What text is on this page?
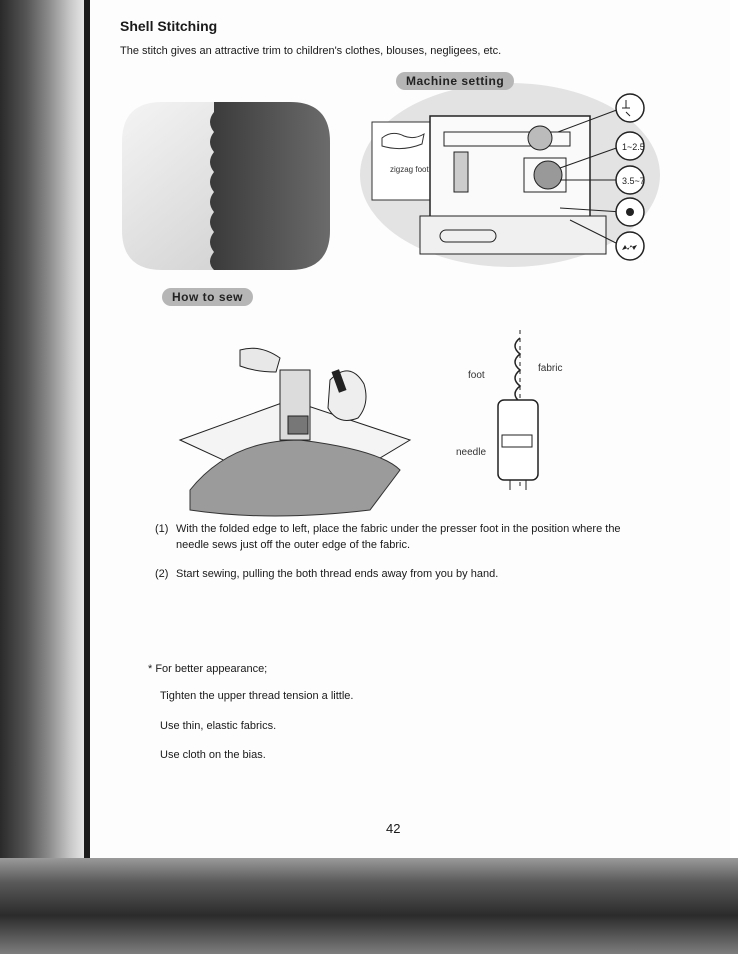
Shell Stitching

The stitch gives an attractive trim to children's clothes, blouses, negligees, etc.

1~2.5
3.5~7
zigzag foot
Machine setting
How to sew
foot
fabric
needle
(1) With the folded edge to left, place the fabric under the presser foot in the position where the needle sews just off the outer edge of the fabric.
(2) Start sewing, pulling the both thread ends away from you by hand.

* For better appearance;

Tighten the upper thread tension a little.

Use thin, elastic fabrics.

Use cloth on the bias.

42
